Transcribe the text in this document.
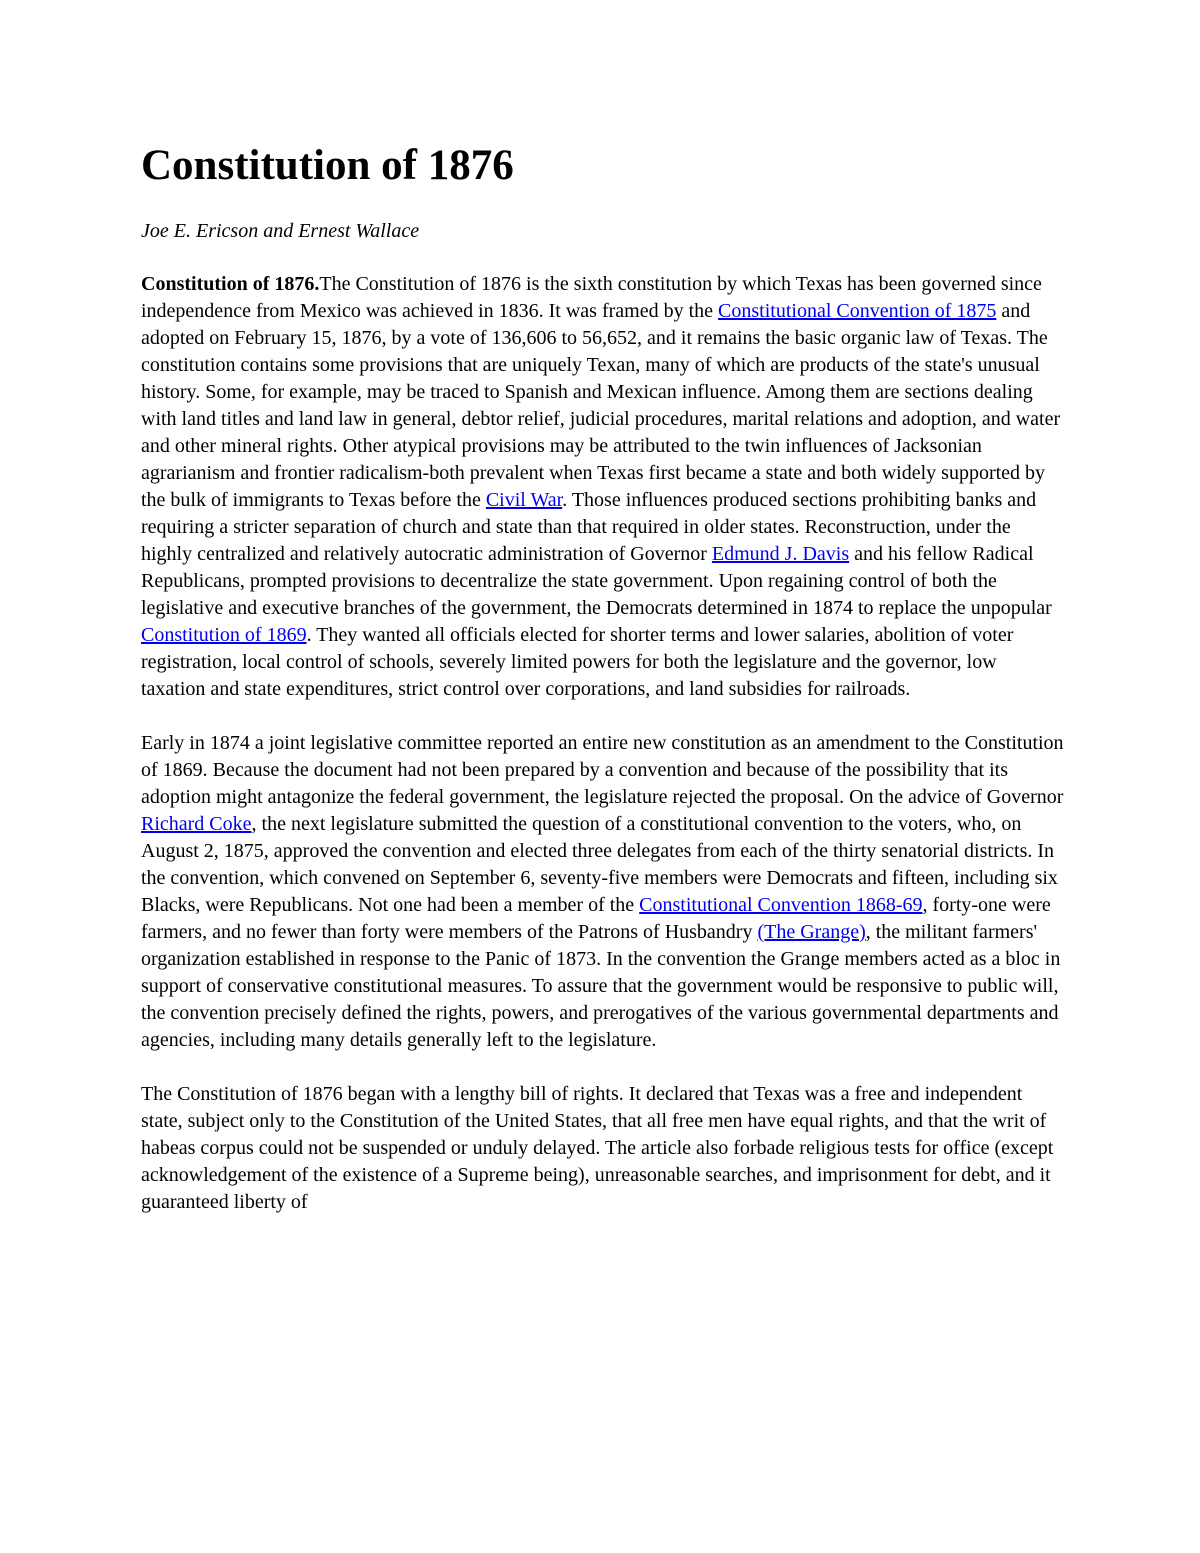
Constitution of 1876
Joe E. Ericson and Ernest Wallace

Constitution of 1876.The Constitution of 1876 is the sixth constitution by which Texas has been governed since independence from Mexico was achieved in 1836. It was framed by the Constitutional Convention of 1875 and adopted on February 15, 1876, by a vote of 136,606 to 56,652, and it remains the basic organic law of Texas. The constitution contains some provisions that are uniquely Texan, many of which are products of the state's unusual history. Some, for example, may be traced to Spanish and Mexican influence. Among them are sections dealing with land titles and land law in general, debtor relief, judicial procedures, marital relations and adoption, and water and other mineral rights. Other atypical provisions may be attributed to the twin influences of Jacksonian agrarianism and frontier radicalism-both prevalent when Texas first became a state and both widely supported by the bulk of immigrants to Texas before the Civil War. Those influences produced sections prohibiting banks and requiring a stricter separation of church and state than that required in older states. Reconstruction, under the highly centralized and relatively autocratic administration of Governor Edmund J. Davis and his fellow Radical Republicans, prompted provisions to decentralize the state government. Upon regaining control of both the legislative and executive branches of the government, the Democrats determined in 1874 to replace the unpopular Constitution of 1869. They wanted all officials elected for shorter terms and lower salaries, abolition of voter registration, local control of schools, severely limited powers for both the legislature and the governor, low taxation and state expenditures, strict control over corporations, and land subsidies for railroads.

Early in 1874 a joint legislative committee reported an entire new constitution as an amendment to the Constitution of 1869. Because the document had not been prepared by a convention and because of the possibility that its adoption might antagonize the federal government, the legislature rejected the proposal. On the advice of Governor Richard Coke, the next legislature submitted the question of a constitutional convention to the voters, who, on August 2, 1875, approved the convention and elected three delegates from each of the thirty senatorial districts. In the convention, which convened on September 6, seventy-five members were Democrats and fifteen, including six Blacks, were Republicans. Not one had been a member of the Constitutional Convention 1868-69, forty-one were farmers, and no fewer than forty were members of the Patrons of Husbandry (The Grange), the militant farmers' organization established in response to the Panic of 1873. In the convention the Grange members acted as a bloc in support of conservative constitutional measures. To assure that the government would be responsive to public will, the convention precisely defined the rights, powers, and prerogatives of the various governmental departments and agencies, including many details generally left to the legislature.

The Constitution of 1876 began with a lengthy bill of rights. It declared that Texas was a free and independent state, subject only to the Constitution of the United States, that all free men have equal rights, and that the writ of habeas corpus could not be suspended or unduly delayed. The article also forbade religious tests for office (except acknowledgement of the existence of a Supreme being), unreasonable searches, and imprisonment for debt, and it guaranteed liberty of
